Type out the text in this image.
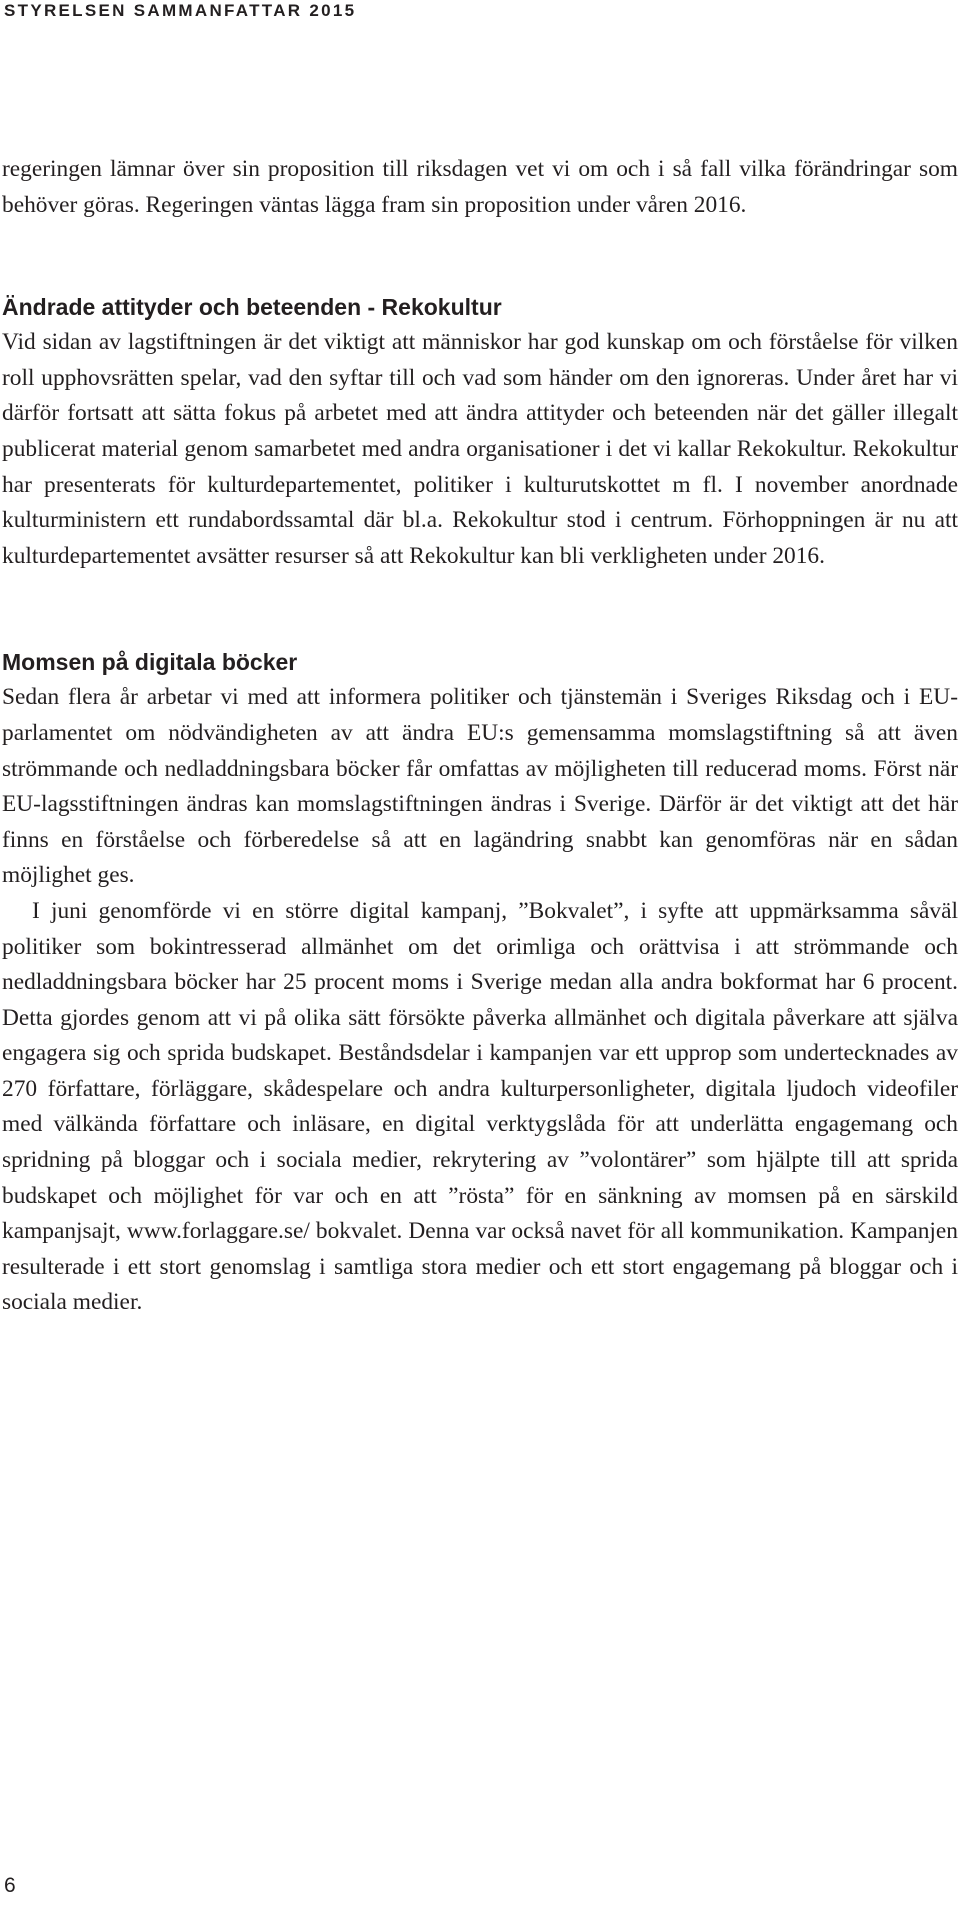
STYRELSEN SAMMANFATTAR 2015

regeringen lämnar över sin proposition till riksdagen vet vi om och i så fall vilka förändringar som behöver göras. Regeringen väntas lägga fram sin proposition under våren 2016.

Ändrade attityder och beteenden - Rekokultur

Vid sidan av lagstiftningen är det viktigt att människor har god kunskap om och förståelse för vilken roll upphovsrätten spelar, vad den syftar till och vad som händer om den ignoreras. Under året har vi därför fortsatt att sätta fokus på arbetet med att ändra attityder och beteenden när det gäller illegalt publicerat material genom samarbetet med andra organisationer i det vi kallar Rekokultur. Rekokultur har presenterats för kulturdepartementet, politiker i kulturutskottet m fl. I november anordnade kulturministern ett rundabordssamtal där bl.a. Rekokultur stod i centrum. Förhoppningen är nu att kulturdepartementet avsätter resurser så att Rekokultur kan bli verkligheten under 2016.

Momsen på digitala böcker

Sedan flera år arbetar vi med att informera politiker och tjänstemän i Sveriges Riksdag och i EU-parlamentet om nödvändigheten av att ändra EU:s gemensamma momslagstiftning så att även strömmande och nedladdningsbara böcker får omfattas av möjligheten till reducerad moms. Först när EU-lagsstiftningen ändras kan momslagstiftningen ändras i Sverige. Därför är det viktigt att det här finns en förståelse och förberedelse så att en lagändring snabbt kan genomföras när en sådan möjlighet ges.

I juni genomförde vi en större digital kampanj, ”Bokvalet”, i syfte att uppmärksamma såväl politiker som bokintresserad allmänhet om det orimliga och orättvisa i att strömmande och nedladdningsbara böcker har 25 procent moms i Sverige medan alla andra bokformat har 6 procent. Detta gjordes genom att vi på olika sätt försökte påverka allmänhet och digitala påverkare att själva engagera sig och sprida budskapet. Beståndsdelar i kampanjen var ett upprop som undertecknades av 270 författare, förläggare, skådespelare och andra kulturpersonligheter, digitala ljudoch videofiler med välkända författare och inläsare, en digital verktygslåda för att underlätta engagemang och spridning på bloggar och i sociala medier, rekrytering av ”volontärer” som hjälpte till att sprida budskapet och möjlighet för var och en att ”rösta” för en sänkning av momsen på en särskild kampanjsajt, www.forlaggare.se/ bokvalet. Denna var också navet för all kommunikation. Kampanjen resulterade i ett stort genomslag i samtliga stora medier och ett stort engagemang på bloggar och i sociala medier.

6
